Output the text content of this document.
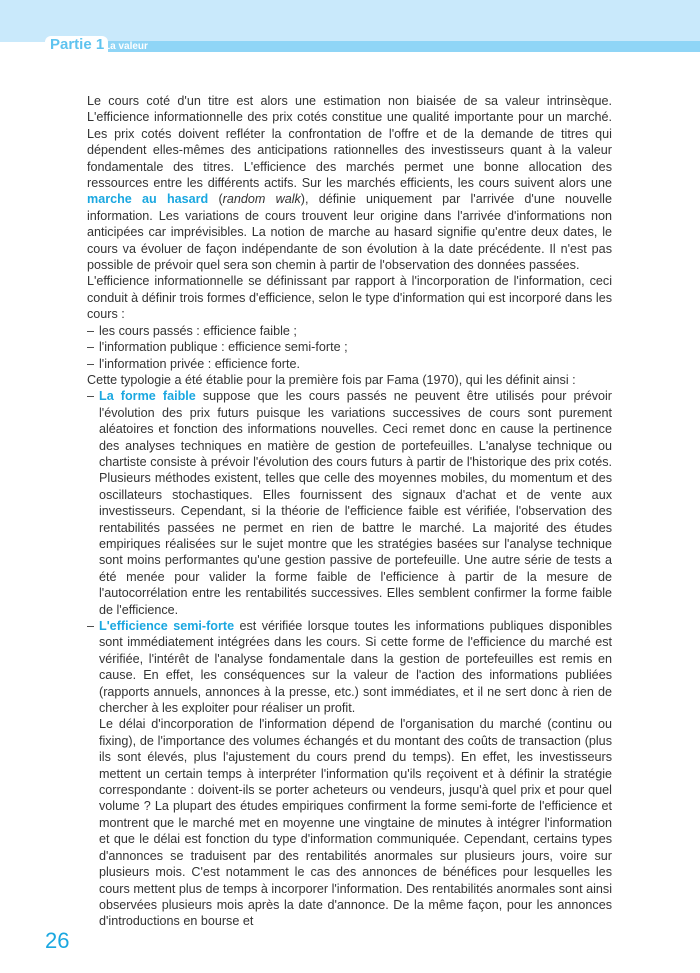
Partie 1 La valeur

Le cours coté d'un titre est alors une estimation non biaisée de sa valeur intrinsèque. L'efficience informationnelle des prix cotés constitue une qualité importante pour un marché. Les prix cotés doivent refléter la confrontation de l'offre et de la demande de titres qui dépendent elles-mêmes des anticipations rationnelles des investisseurs quant à la valeur fondamentale des titres. L'efficience des marchés permet une bonne allocation des ressources entre les différents actifs. Sur les marchés efficients, les cours suivent alors une marche au hasard (random walk), définie uniquement par l'arrivée d'une nouvelle information. Les variations de cours trouvent leur origine dans l'arrivée d'informations non anticipées car imprévisibles. La notion de marche au hasard signifie qu'entre deux dates, le cours va évoluer de façon indépendante de son évolution à la date précédente. Il n'est pas possible de prévoir quel sera son chemin à partir de l'observation des données passées.

L'efficience informationnelle se définissant par rapport à l'incorporation de l'information, ceci conduit à définir trois formes d'efficience, selon le type d'information qui est incorporé dans les cours :

– les cours passés : efficience faible ;

– l'information publique : efficience semi-forte ;

– l'information privée : efficience forte.

Cette typologie a été établie pour la première fois par Fama (1970), qui les définit ainsi :

– La forme faible suppose que les cours passés ne peuvent être utilisés pour prévoir l'évolution des prix futurs puisque les variations successives de cours sont purement aléatoires et fonction des informations nouvelles. Ceci remet donc en cause la pertinence des analyses techniques en matière de gestion de portefeuilles. L'analyse technique ou chartiste consiste à prévoir l'évolution des cours futurs à partir de l'historique des prix cotés. Plusieurs méthodes existent, telles que celle des moyennes mobiles, du momentum et des oscillateurs stochastiques. Elles fournissent des signaux d'achat et de vente aux investisseurs. Cependant, si la théorie de l'efficience faible est vérifiée, l'observation des rentabilités passées ne permet en rien de battre le marché. La majorité des études empiriques réalisées sur le sujet montre que les stratégies basées sur l'analyse technique sont moins performantes qu'une gestion passive de portefeuille. Une autre série de tests a été menée pour valider la forme faible de l'efficience à partir de la mesure de l'autocorrélation entre les rentabilités successives. Elles semblent confirmer la forme faible de l'efficience.

– L'efficience semi-forte est vérifiée lorsque toutes les informations publiques disponibles sont immédiatement intégrées dans les cours. Si cette forme de l'efficience du marché est vérifiée, l'intérêt de l'analyse fondamentale dans la gestion de portefeuilles est remis en cause. En effet, les conséquences sur la valeur de l'action des informations publiées (rapports annuels, annonces à la presse, etc.) sont immédiates, et il ne sert donc à rien de chercher à les exploiter pour réaliser un profit.

Le délai d'incorporation de l'information dépend de l'organisation du marché (continu ou fixing), de l'importance des volumes échangés et du montant des coûts de transaction (plus ils sont élevés, plus l'ajustement du cours prend du temps). En effet, les investisseurs mettent un certain temps à interpréter l'information qu'ils reçoivent et à définir la stratégie correspondante : doivent-ils se porter acheteurs ou vendeurs, jusqu'à quel prix et pour quel volume ? La plupart des études empiriques confirment la forme semi-forte de l'efficience et montrent que le marché met en moyenne une vingtaine de minutes à intégrer l'information et que le délai est fonction du type d'information communiquée. Cependant, certains types d'annonces se traduisent par des rentabilités anormales sur plusieurs jours, voire sur plusieurs mois. C'est notamment le cas des annonces de bénéfices pour lesquelles les cours mettent plus de temps à incorporer l'information. Des rentabilités anormales sont ainsi observées plusieurs mois après la date d'annonce. De la même façon, pour les annonces d'introductions en bourse et

26
